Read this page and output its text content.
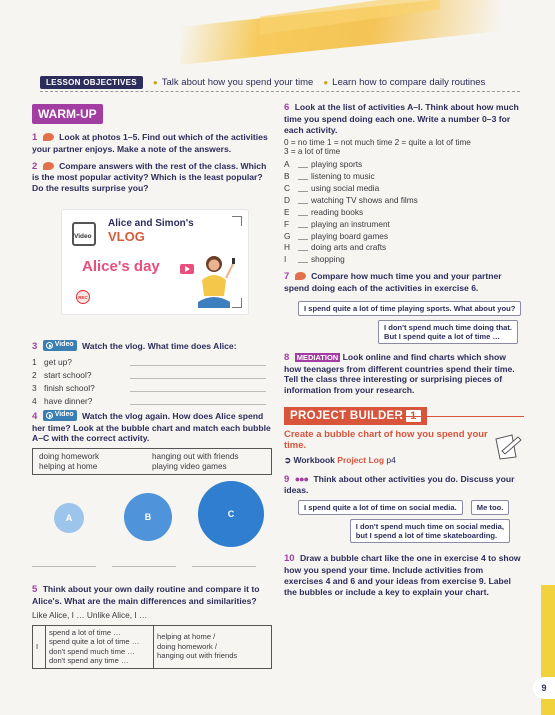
LESSON OBJECTIVES	● Talk about how you spend your time	● Learn how to compare daily routines
WARM-UP
1	Look at photos 1–5. Find out which of the activities your partner enjoys. Make a note of the answers.
2	Compare answers with the rest of the class. Which is the most popular activity? Which is the least popular? Do the results surprise you?
Video
Alice and Simon's
VLOG
Alice's day
REC
3 Video Watch the vlog. What time does Alice:
1 get up?
2 start school?
3 finish school?
4 have dinner?
4 Video Watch the vlog again. How does Alice spend her time? Look at the bubble chart and match each bubble A–C with the correct activity.
doing homework	hanging out with friends
helping at home	playing video games
A	B	C
5 Think about your own daily routine and compare it to Alice's. What are the main differences and similarities?
Like Alice, I … Unlike Alice, I …
I
spend a lot of time …
spend quite a lot of time …
don't spend much time …
don't spend any time …
helping at home /
doing homework /
hanging out with friends
6 Look at the list of activities A–I. Think about how much time you spend doing each one. Write a number 0–3 for each activity.
0 = no time 1 = not much time 2 = quite a lot of time
3 = a lot of time
A	playing sports
B	listening to music
C	using social media
D	watching TV shows and films
E	reading books
F	playing an instrument
G	playing board games
H	doing arts and crafts
I	shopping
7	Compare how much time you and your partner spend doing each of the activities in exercise 6.
I spend quite a lot of time playing sports. What about you?
I don't spend much time doing that.
But I spend quite a lot of time …
8 MEDIATION Look online and find charts which show how teenagers from different countries spend their time. Tell the class three interesting or surprising pieces of information from your research.
PROJECT BUILDER 1
Create a bubble chart of how you spend your time.
➲ Workbook Project Log p4
9 ●●● Think about other activities you do. Discuss your ideas.
I spend quite a lot of time on social media.	Me too.
I don't spend much time on social media,
but I spend a lot of time skateboarding.
10 Draw a bubble chart like the one in exercise 4 to show how you spend your time. Include activities from exercises 4 and 6 and your ideas from exercise 9. Label the bubbles or include a key to explain your chart.
9
